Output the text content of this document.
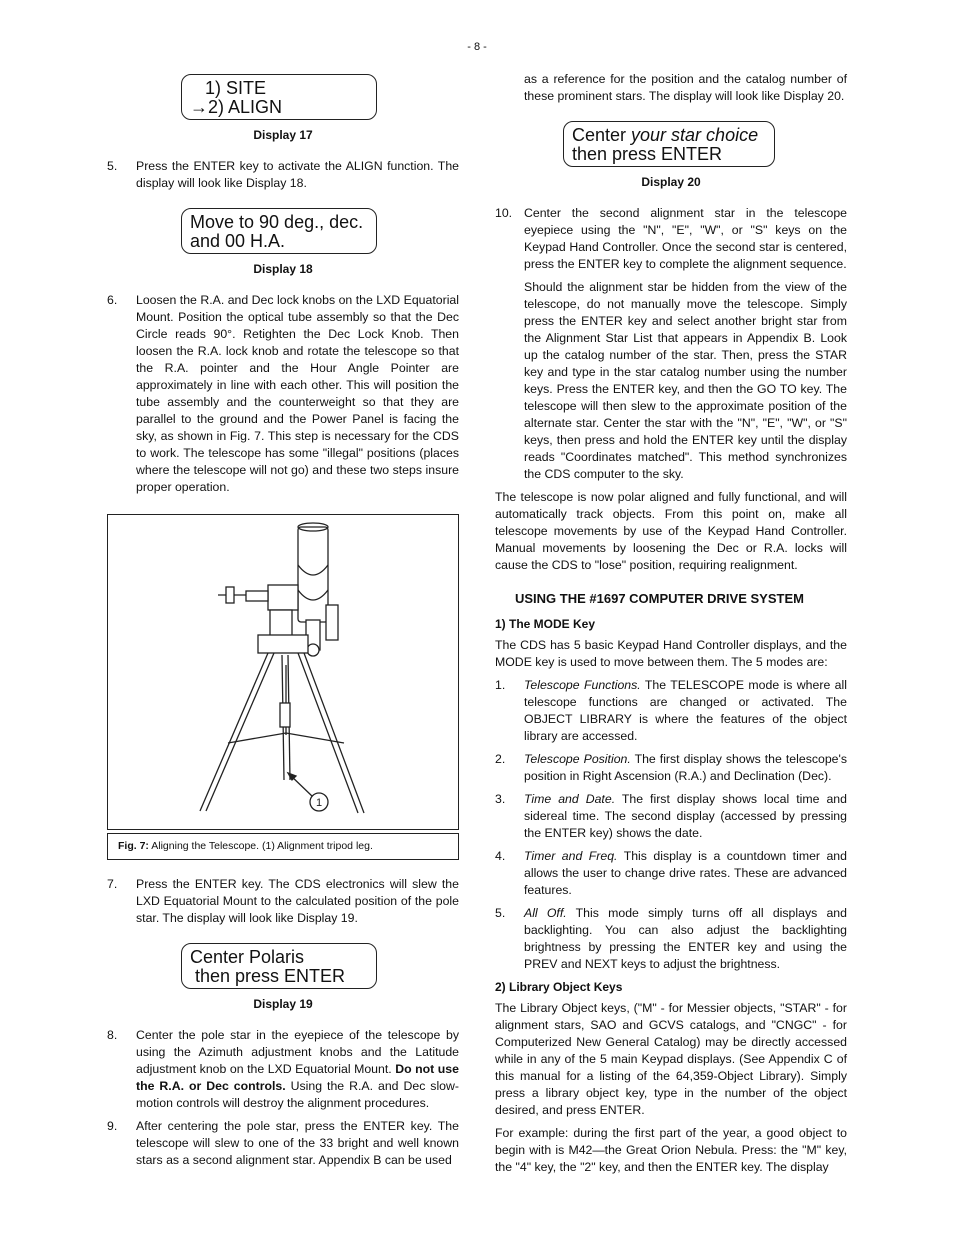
- 8 -
1) SITE
→2) ALIGN
Display 17
5. Press the ENTER key to activate the ALIGN function. The display will look like Display 18.
Move to 90 deg., dec.
and 00 H.A.
Display 18
6. Loosen the R.A. and Dec lock knobs on the LXD Equatorial Mount. Position the optical tube assembly so that the Dec Circle reads 90°. Retighten the Dec Lock Knob. Then loosen the R.A. lock knob and rotate the telescope so that the R.A. pointer and the Hour Angle Pointer are approximately in line with each other. This will position the tube assembly and the counterweight so that they are parallel to the ground and the Power Panel is facing the sky, as shown in Fig. 7. This step is necessary for the CDS to work. The telescope has some "illegal" positions (places where the telescope will not go) and these two steps insure proper operation.
1
Fig. 7: Aligning the Telescope. (1) Alignment tripod leg.
7. Press the ENTER key. The CDS electronics will slew the LXD Equatorial Mount to the calculated position of the pole star. The display will look like Display 19.
Center Polaris
then press ENTER
Display 19
8. Center the pole star in the eyepiece of the telescope by using the Azimuth adjustment knobs and the Latitude adjustment knob on the LXD Equatorial Mount. Do not use the R.A. or Dec controls. Using the R.A. and Dec slow-motion controls will destroy the alignment procedures.
9. After centering the pole star, press the ENTER key. The telescope will slew to one of the 33 bright and well known stars as a second alignment star. Appendix B can be used

as a reference for the position and the catalog number of these prominent stars. The display will look like Display 20.

Center your star choice
then press ENTER
Display 20
10. Center the second alignment star in the telescope eyepiece using the "N", "E", "W", or "S" keys on the Keypad Hand Controller. Once the second star is centered, press the ENTER key to complete the alignment sequence.

Should the alignment star be hidden from the view of the telescope, do not manually move the telescope. Simply press the ENTER key and select another bright star from the Alignment Star List that appears in Appendix B. Look up the catalog number of the star. Then, press the STAR key and type in the star catalog number using the number keys. Press the ENTER key, and then the GO TO key. The telescope will then slew to the approximate position of the alternate star. Center the star with the "N", "E", "W", or "S" keys, then press and hold the ENTER key until the display reads "Coordinates matched". This method synchronizes the CDS computer to the sky.

The telescope is now polar aligned and fully functional, and will automatically track objects. From this point on, make all telescope movements by use of the Keypad Hand Controller. Manual movements by loosening the Dec or R.A. locks will cause the CDS to "lose" position, requiring realignment.

USING THE #1697 COMPUTER DRIVE SYSTEM
1) The MODE Key

The CDS has 5 basic Keypad Hand Controller displays, and the MODE key is used to move between them. The 5 modes are:

1. Telescope Functions. The TELESCOPE mode is where all telescope functions are changed or activated. The OBJECT LIBRARY is where the features of the object library are accessed.
2. Telescope Position. The first display shows the telescope's position in Right Ascension (R.A.) and Declination (Dec).
3. Time and Date. The first display shows local time and sidereal time. The second display (accessed by pressing the ENTER key) shows the date.
4. Timer and Freq. This display is a countdown timer and allows the user to change drive rates. These are advanced features.
5. All Off. This mode simply turns off all displays and backlighting. You can also adjust the backlighting brightness by pressing the ENTER key and using the PREV and NEXT keys to adjust the brightness.
2) Library Object Keys

The Library Object keys, ("M" - for Messier objects, "STAR" - for alignment stars, SAO and GCVS catalogs, and "CNGC" - for Computerized New General Catalog) may be directly accessed while in any of the 5 main Keypad displays. (See Appendix C of this manual for a listing of the 64,359-Object Library). Simply press a library object key, type in the number of the object desired, and press ENTER.

For example: during the first part of the year, a good object to begin with is M42—the Great Orion Nebula. Press: the "M" key, the "4" key, the "2" key, and then the ENTER key. The display
